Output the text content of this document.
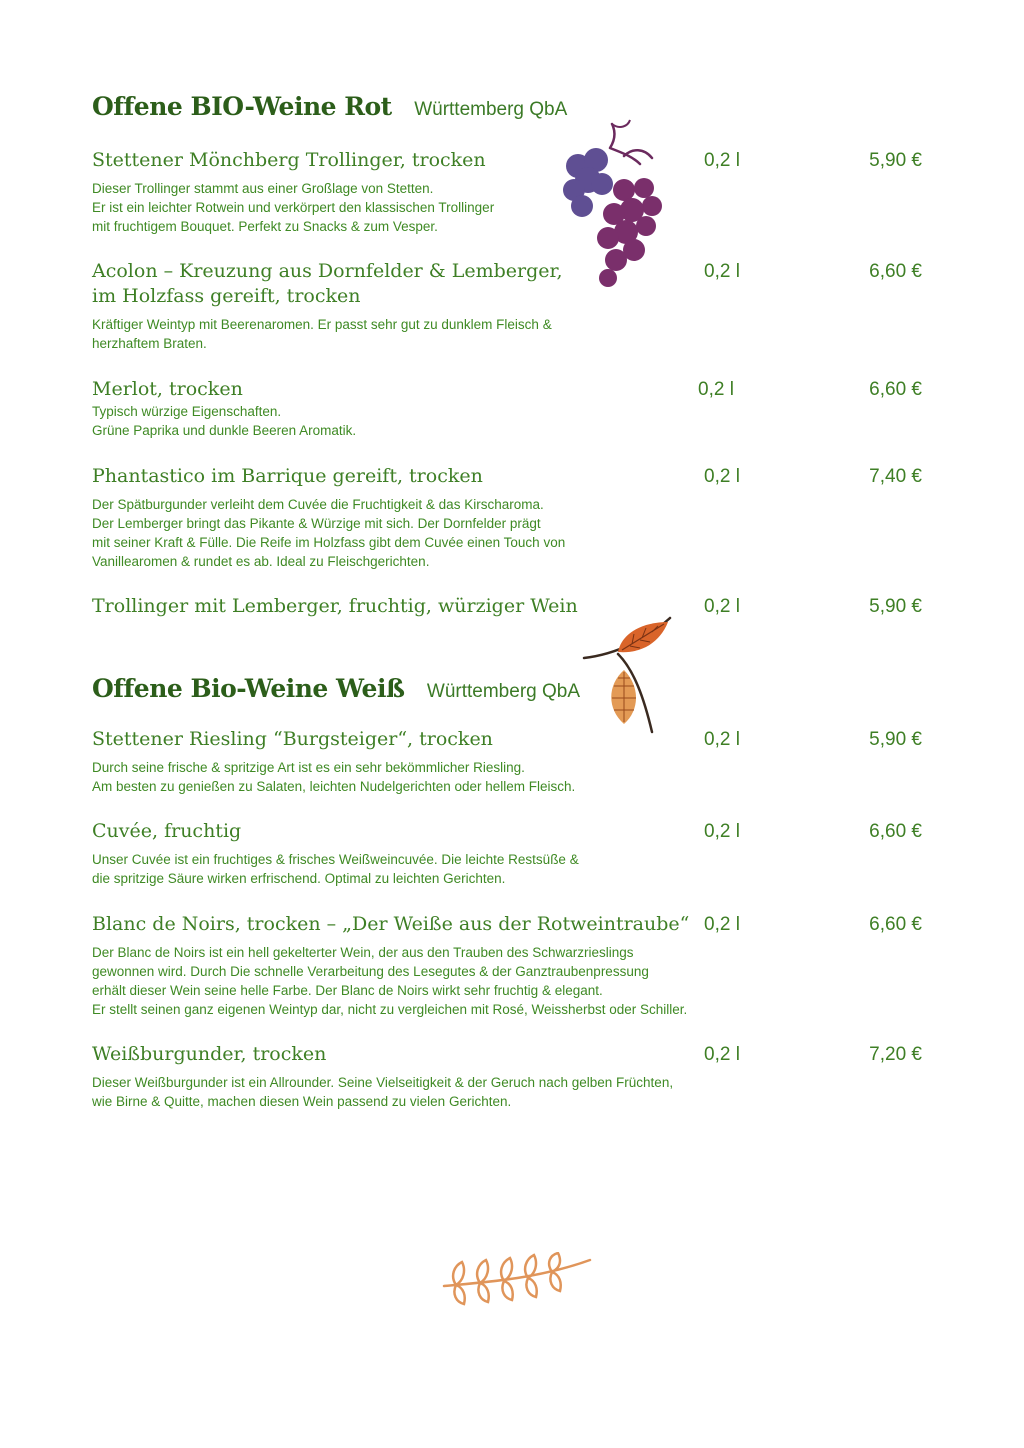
Offene BIO-Weine Rot Württemberg QbA
Stettener Mönchberg Trollinger, trocken
Dieser Trollinger stammt aus einer Großlage von Stetten.
Er ist ein leichter Rotwein und verkörpert den klassischen Trollinger
mit fruchtigem Bouquet. Perfekt zu Snacks & zum Vesper.
0,2 l	5,90 €
Acolon – Kreuzung aus Dornfelder & Lemberger,
im Holzfass gereift, trocken
Kräftiger Weintyp mit Beerenaromen. Er passt sehr gut zu dunklem Fleisch &
herzhaftem Braten.
0,2 l	6,60 €
Merlot, trocken
Typisch würzige Eigenschaften.
Grüne Paprika und dunkle Beeren Aromatik.
0,2 l	6,60 €
Phantastico im Barrique gereift, trocken
Der Spätburgunder verleiht dem Cuvée die Fruchtigkeit & das Kirscharoma.
Der Lemberger bringt das Pikante & Würzige mit sich. Der Dornfelder prägt
mit seiner Kraft & Fülle. Die Reife im Holzfass gibt dem Cuvée einen Touch von
Vanillearomen & rundet es ab. Ideal zu Fleischgerichten.
0,2 l	7,40 €
Trollinger mit Lemberger, fruchtig, würziger Wein	0,2 l	5,90 €
Offene Bio-Weine Weiß Württemberg QbA
Stettener Riesling “Burgsteiger“, trocken
Durch seine frische & spritzige Art ist es ein sehr bekömmlicher Riesling.
Am besten zu genießen zu Salaten, leichten Nudelgerichten oder hellem Fleisch.
0,2 l	5,90 €
Cuvée, fruchtig
Unser Cuvée ist ein fruchtiges & frisches Weißweincuvée. Die leichte Restsüße &
die spritzige Säure wirken erfrischend. Optimal zu leichten Gerichten.
0,2 l	6,60 €
Blanc de Noirs, trocken – „Der Weiße aus der Rotweintraube“
Der Blanc de Noirs ist ein hell gekelterter Wein, der aus den Trauben des Schwarzrieslings
gewonnen wird. Durch Die schnelle Verarbeitung des Lesegutes & der Ganztraubenpressung
erhält dieser Wein seine helle Farbe. Der Blanc de Noirs wirkt sehr fruchtig & elegant.
Er stellt seinen ganz eigenen Weintyp dar, nicht zu vergleichen mit Rosé, Weissherbst oder Schiller.
0,2 l	6,60 €
Weißburgunder, trocken
Dieser Weißburgunder ist ein Allrounder. Seine Vielseitigkeit & der Geruch nach gelben Früchten,
wie Birne & Quitte, machen diesen Wein passend zu vielen Gerichten.
0,2 l	7,20 €
